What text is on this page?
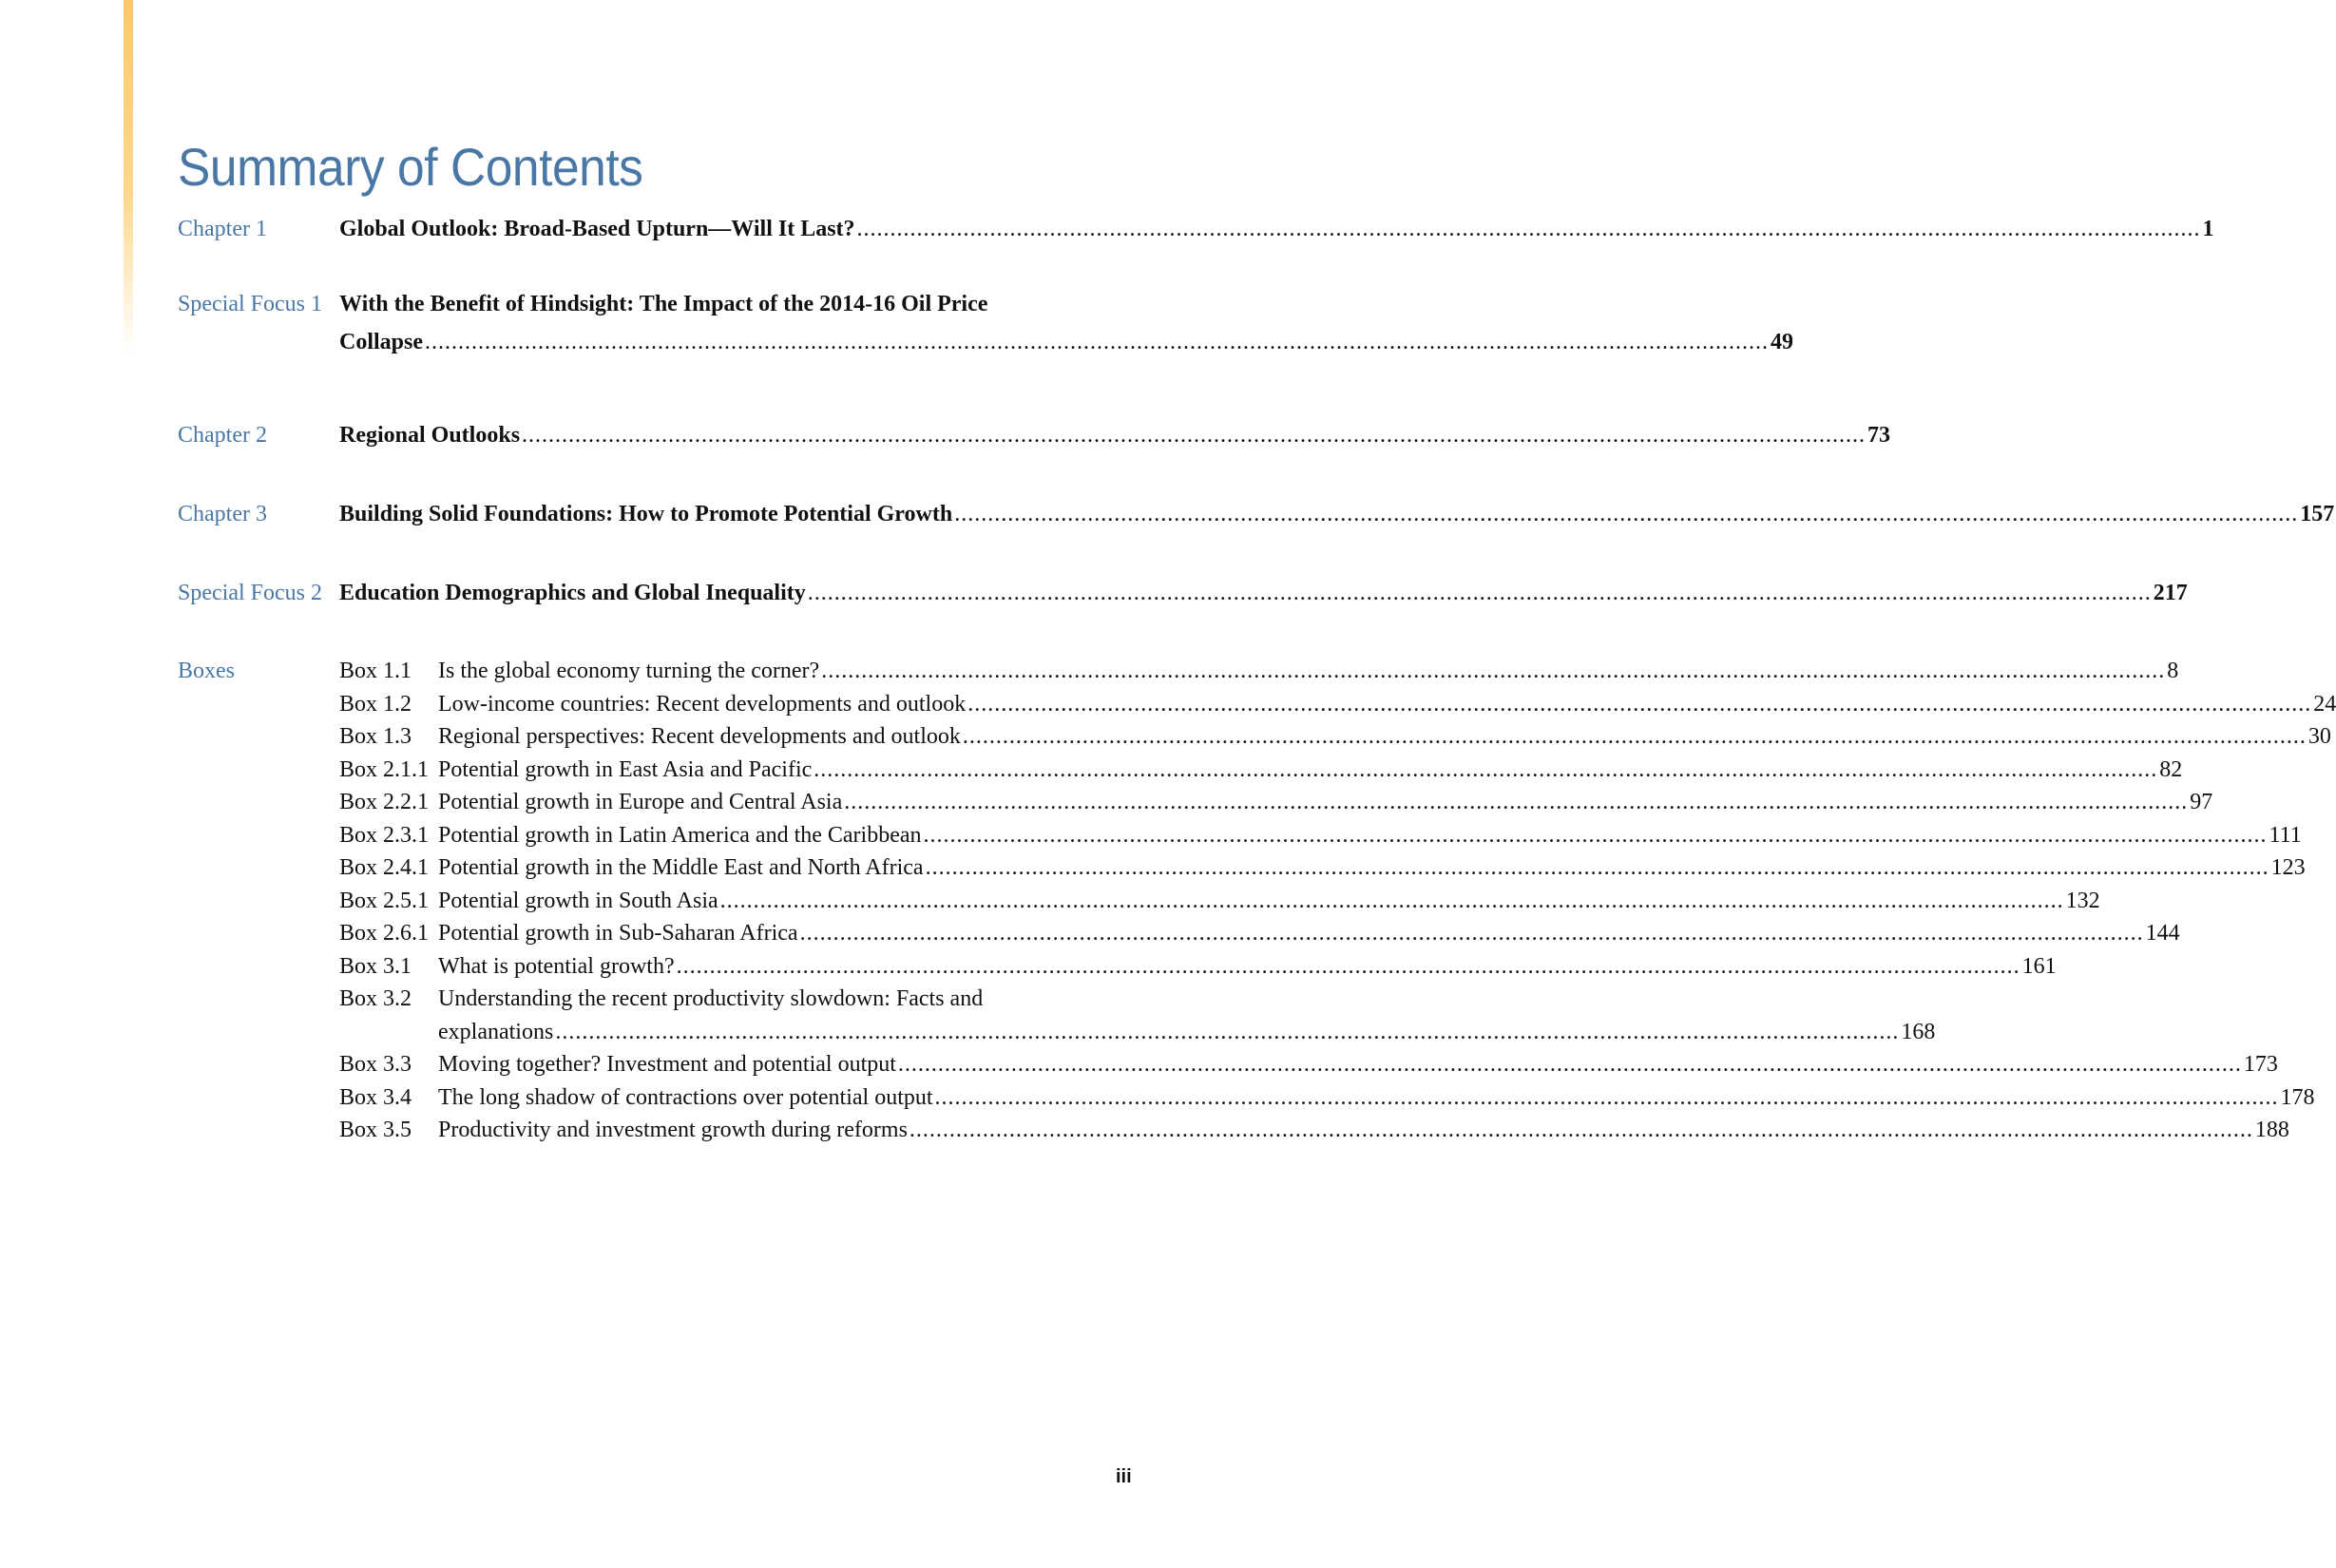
Summary of Contents
Chapter 1	Global Outlook: Broad-Based Upturn—Will It Last? .....	1
Special Focus 1 With the Benefit of Hindsight: The Impact of the 2014-16 Oil Price
Collapse .....	49
Chapter 2	Regional Outlooks .....	73
Chapter 3	Building Solid Foundations: How to Promote Potential Growth .....	157
Special Focus 2 Education Demographics and Global Inequality .....	217
Boxes	Box 1.1	Is the global economy turning the corner? .....	8
Box 1.2	Low-income countries: Recent developments and outlook .....	24
Box 1.3	Regional perspectives: Recent developments and outlook .....	30
Box 2.1.1 Potential growth in East Asia and Pacific .....	82
Box 2.2.1 Potential growth in Europe and Central Asia .....	97
Box 2.3.1 Potential growth in Latin America and the Caribbean .....	111
Box 2.4.1 Potential growth in the Middle East and North Africa .....	123
Box 2.5.1 Potential growth in South Asia .....	132
Box 2.6.1 Potential growth in Sub-Saharan Africa .....	144
Box 3.1	What is potential growth? .....	161
Box 3.2	Understanding the recent productivity slowdown: Facts and
explanations .....	168
Box 3.3	Moving together? Investment and potential output .....	173
Box 3.4	The long shadow of contractions over potential output .....	178
Box 3.5	Productivity and investment growth during reforms .....	188
iii
